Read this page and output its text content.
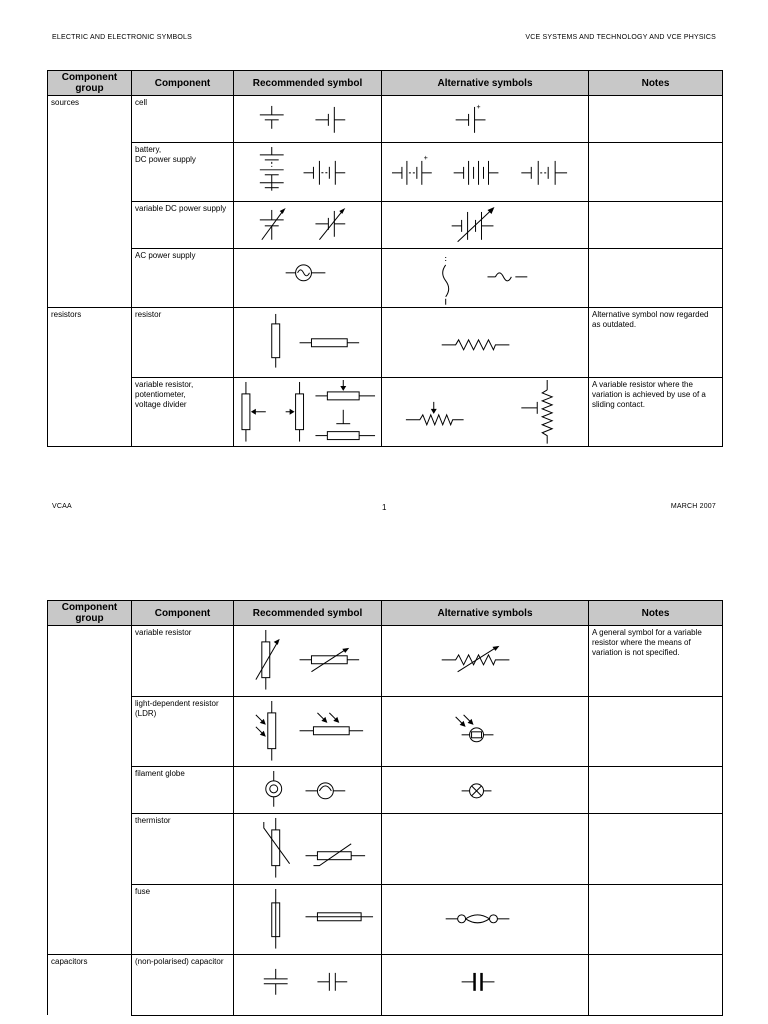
ELECTRIC AND ELECTRONIC SYMBOLS	VCE SYSTEMS AND TECHNOLOGY AND VCE PHYSICS
Component group	Component	Recommended symbol	Alternative symbols	Notes
sources	cell		+	

	battery,
DC power supply		+	

	variable DC power supply	

	AC power supply	

resistors	resistor			Alternative symbol now regarded as outdated.
	variable resistor,
potentiometer,
voltage divider			A variable resistor where the variation is achieved by use of a sliding contact.
VCAA	1	MARCH 2007
Component group	Component	Recommended symbol	Alternative symbols	Notes
	variable resistor			A general symbol for a variable resistor where the means of variation is not specified.
	light-dependent resistor (LDR)	

	filament globe	

	thermistor	

	fuse	

capacitors	(non-polarised) capacitor	
